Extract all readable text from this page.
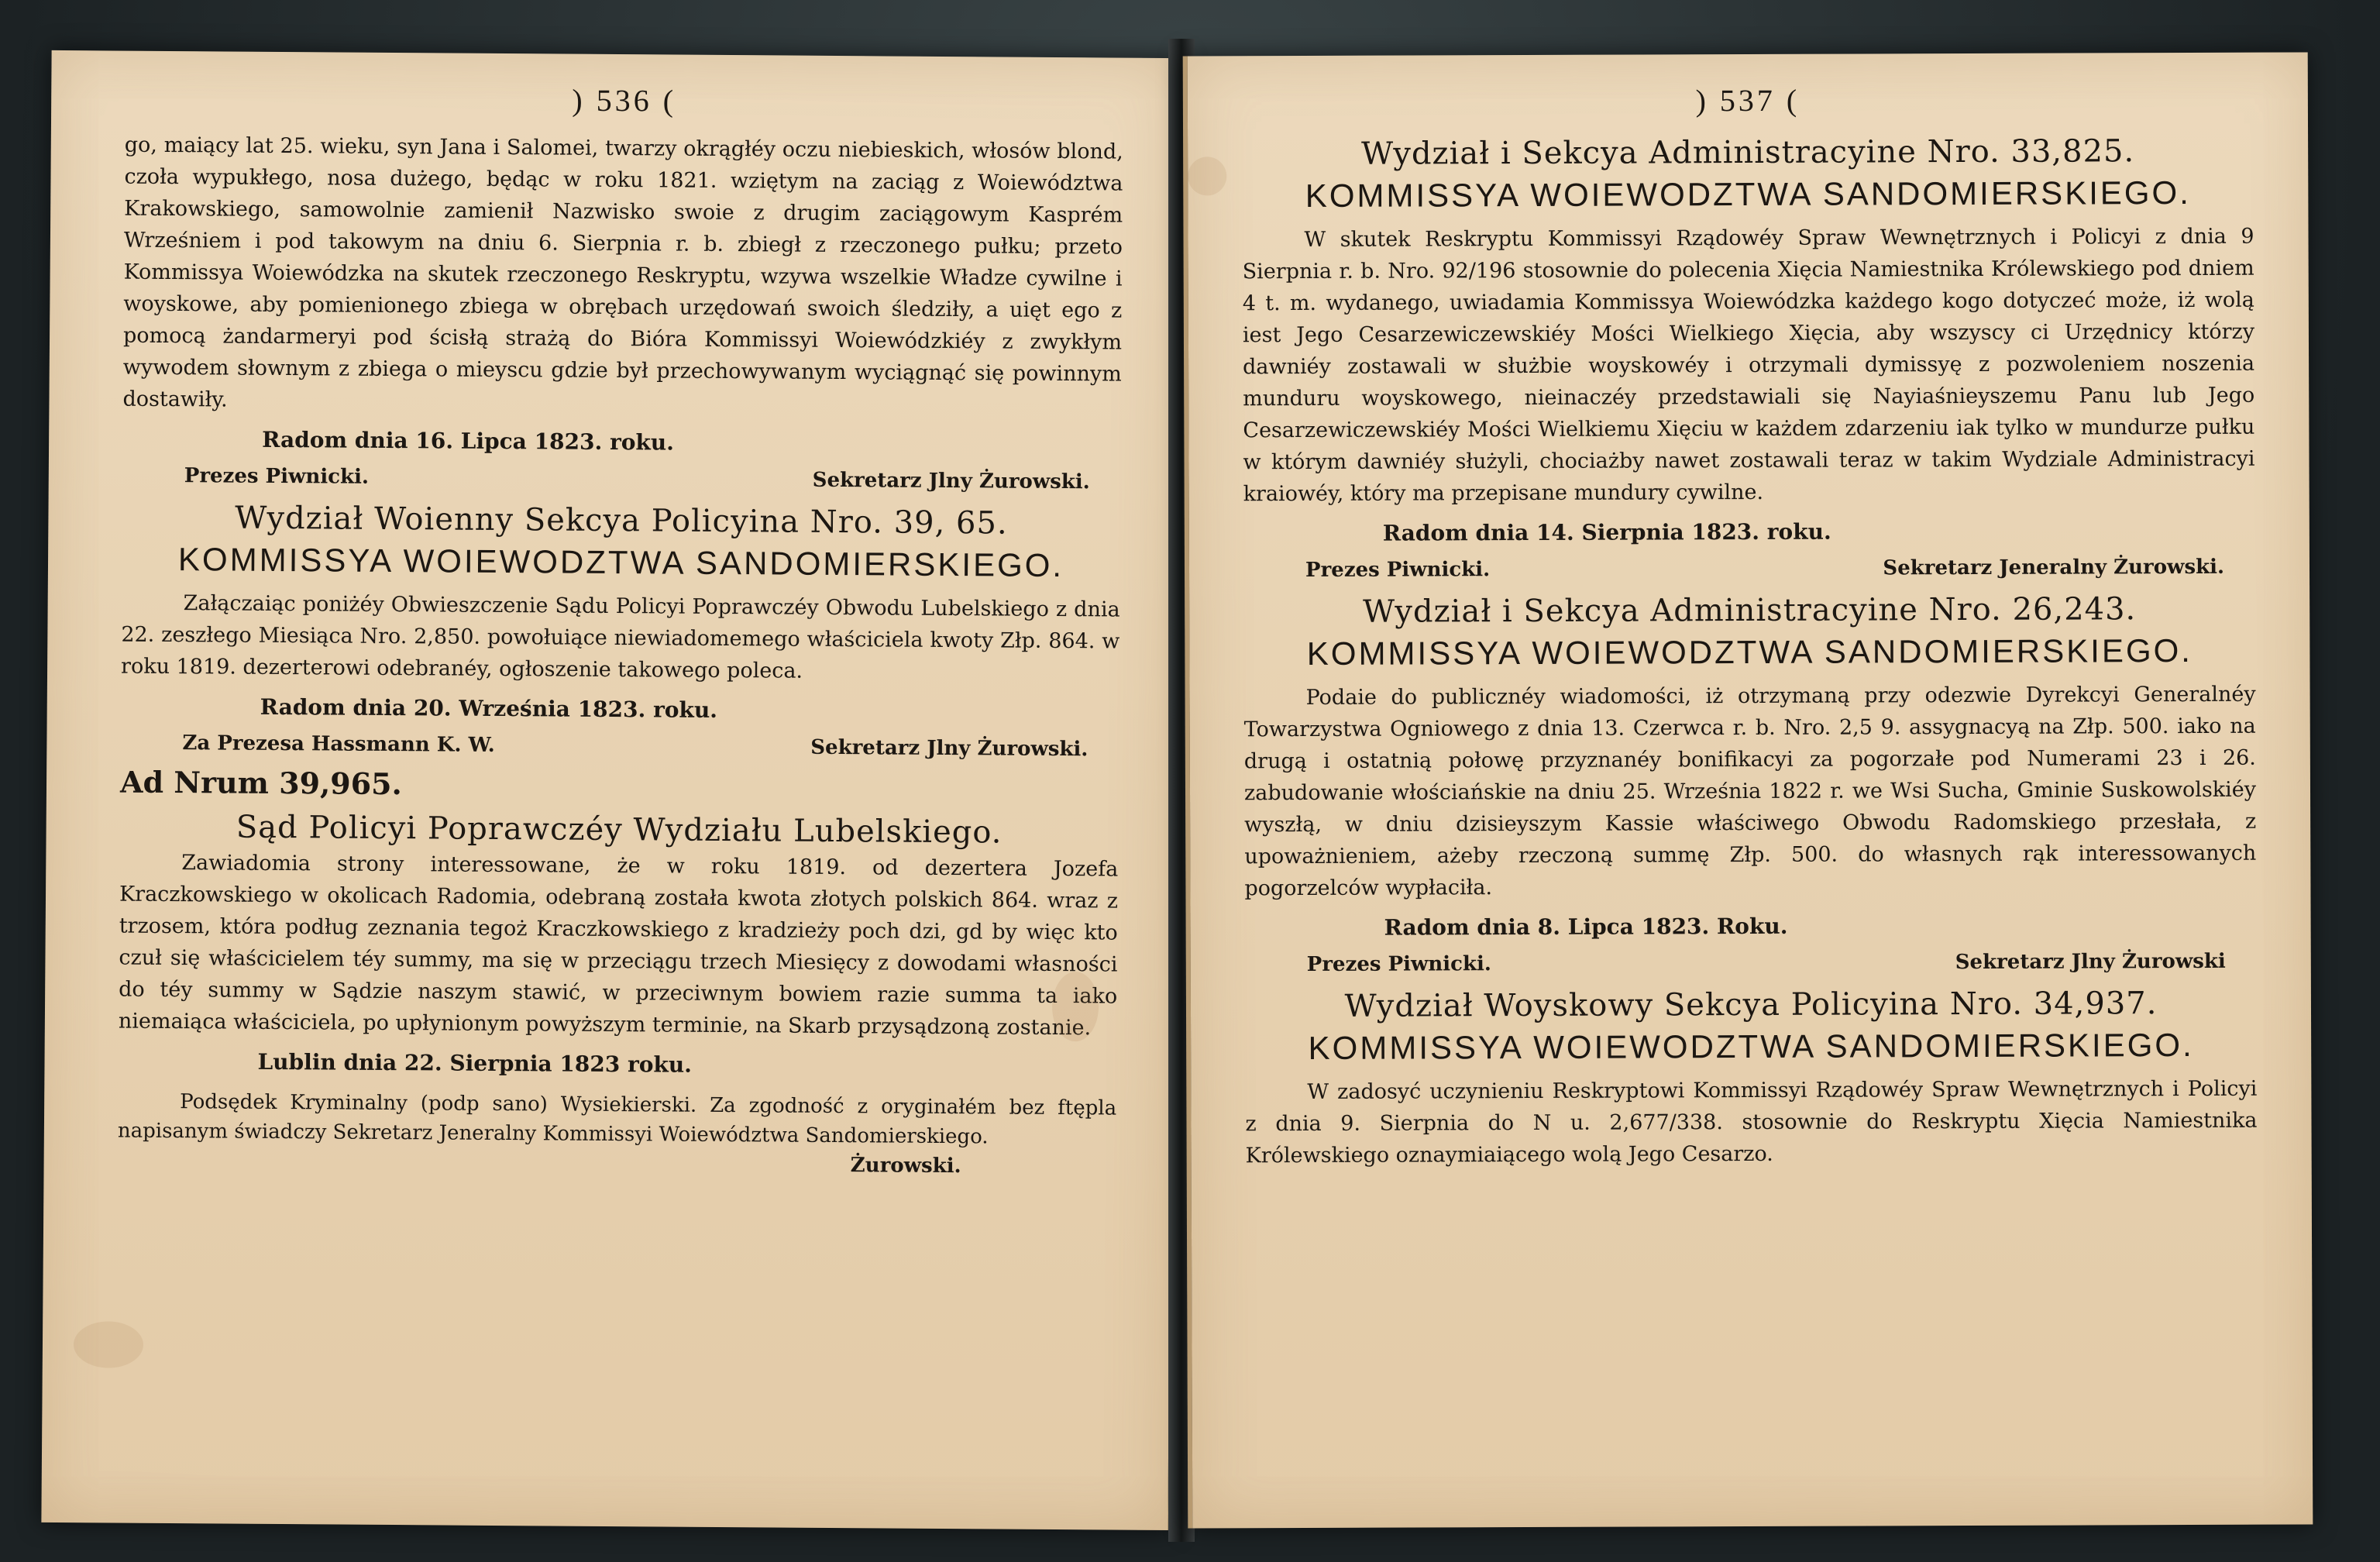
) 536 (

go, maiący lat 25. wieku, syn Jana i Salomei, twarzy okrągłéy oczu niebieskich, włosów blond, czoła wypukłego, nosa dużego, będąc w roku 1821. wziętym na zaciąg z Woiewództwa Krakowskiego, samowolnie zamienił Nazwisko swoie z drugim zaciągowym Kasprém Wrześniem i pod takowym na dniu 6. Sierpnia r. b. zbiegł z rzeczonego pułku; przeto Kommissya Woiewódzka na skutek rzeczonego Reskryptu, wzywa wszelkie Władze cywilne i woyskowe, aby pomienionego zbiega w obrębach urzędowań swoich śledziły, a uięt ego z pomocą żandarmeryi pod ścisłą strażą do Bióra Kommissyi Woiewódzkiéy z zwykłym wywodem słownym z zbiega o mieyscu gdzie był przechowywanym wyciągnąć się powinnym dostawiły.

Radom dnia 16. Lipca 1823. roku.
Prezes Piwnicki.	Sekretarz Jlny Żurowski.
Wydział Woienny Sekcya Policyina Nro. 39, 65.
KOMMISSYA WOIEWODZTWA SANDOMIERSKIEGO.

Załączaiąc poniżéy Obwieszczenie Sądu Policyi Poprawczéy Obwodu Lubelskiego z dnia 22. zeszłego Miesiąca Nro. 2,850. powołuiące niewiadomemego właściciela kwoty Złp. 864. w roku 1819. dezerterowi odebranéy, ogłoszenie takowego poleca.

Radom dnia 20. Września 1823. roku.
Za Prezesa Hassmann K. W.	Sekretarz Jlny Żurowski.
Ad Nrum 39,965.
Sąd Policyi Poprawczéy Wydziału Lubelskiego.

Zawiadomia strony interessowane, że w roku 1819. od dezertera Jozefa Kraczkowskiego w okolicach Radomia, odebraną została kwota złotych polskich 864. wraz z trzosem, która podług zeznania tegoż Kraczkowskiego z kradzieży poch dzi, gd by więc kto czuł się właścicielem téy summy, ma się w przeciągu trzech Miesięcy z dowodami własności do téy summy w Sądzie naszym stawić, w przeciwnym bowiem razie summa ta iako niemaiąca właściciela, po upłynionym powyższym terminie, na Skarb przysądzoną zostanie.

Lublin dnia 22. Sierpnia 1823 roku.

Podsędek Kryminalny (podp sano) Wysiekierski. Za zgodność z oryginałém bez ftępla napisanym świadczy Sekretarz Jeneralny Kommissyi Woiewództwa Sandomierskiego.

Żurowski.
) 537 (
Wydział i Sekcya Administracyine Nro. 33,825.
KOMMISSYA WOIEWODZTWA SANDOMIERSKIEGO.

W skutek Reskryptu Kommissyi Rządowéy Spraw Wewnętrznych i Policyi z dnia 9 Sierpnia r. b. Nro. 92/196 stosownie do polecenia Xięcia Namiestnika Królewskiego pod dniem 4 t. m. wydanego, uwiadamia Kommissya Woiewódzka każdego kogo dotyczeć może, iż wolą iest Jego Cesarzewiczewskiéy Mości Wielkiego Xięcia, aby wszyscy ci Urzędnicy którzy dawniéy zostawali w służbie woyskowéy i otrzymali dymissyę z pozwoleniem noszenia munduru woyskowego, nieinaczéy przedstawiali się Nayiaśnieyszemu Panu lub Jego Cesarzewiczewskiéy Mości Wielkiemu Xięciu w każdem zdarzeniu iak tylko w mundurze pułku w którym dawniéy służyli, chociażby nawet zostawali teraz w takim Wydziale Administracyi kraiowéy, który ma przepisane mundury cywilne.

Radom dnia 14. Sierpnia 1823. roku.
Prezes Piwnicki.	Sekretarz Jeneralny Żurowski.
Wydział i Sekcya Administracyine Nro. 26,243.
KOMMISSYA WOIEWODZTWA SANDOMIERSKIEGO.

Podaie do publicznéy wiadomości, iż otrzymaną przy odezwie Dyrekcyi Generalnéy Towarzystwa Ogniowego z dnia 13. Czerwca r. b. Nro. 2,5 9. assygnacyą na Złp. 500. iako na drugą i ostatnią połowę przyznanéy bonifikacyi za pogorzałe pod Numerami 23 i 26. zabudowanie włościańskie na dniu 25. Września 1822 r. we Wsi Sucha, Gminie Suskowolskiéy wyszłą, w dniu dzisieyszym Kassie właściwego Obwodu Radomskiego przesłała, z upoważnieniem, ażeby rzeczoną summę Złp. 500. do własnych rąk interessowanych pogorzelców wypłaciła.

Radom dnia 8. Lipca 1823. Roku.
Prezes Piwnicki.	Sekretarz Jlny Żurowski
Wydział Woyskowy Sekcya Policyina Nro. 34,937.
KOMMISSYA WOIEWODZTWA SANDOMIERSKIEGO.

W zadosyć uczynieniu Reskryptowi Kommissyi Rządowéy Spraw Wewnętrznych i Policyi z dnia 9. Sierpnia do N u. 2,677/338. stosownie do Reskryptu Xięcia Namiestnika Królewskiego oznaymiaiącego wolą Jego Cesarzo.
